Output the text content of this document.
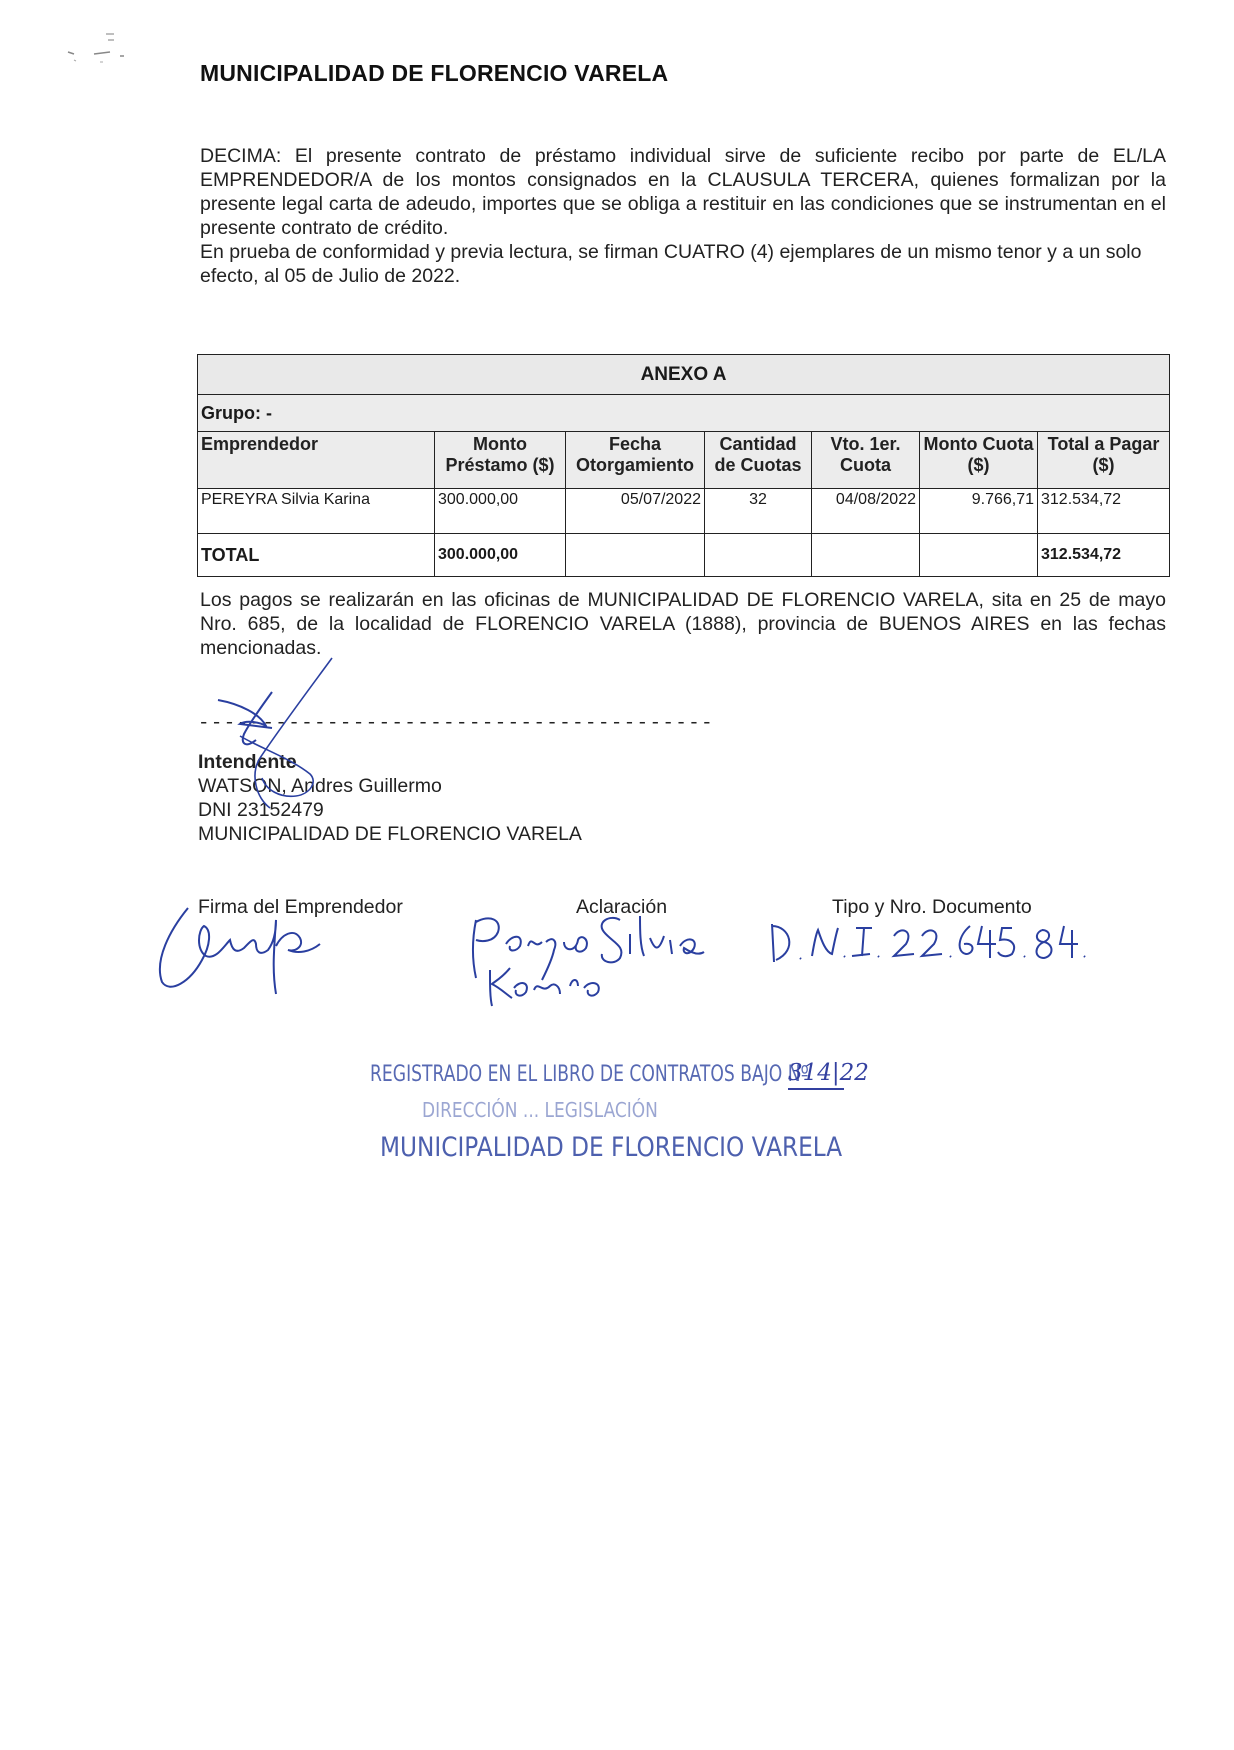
MUNICIPALIDAD DE FLORENCIO VARELA

DECIMA: El presente contrato de préstamo individual sirve de suficiente recibo por parte de EL/LA EMPRENDEDOR/A de los montos consignados en la CLAUSULA TERCERA, quienes formalizan por la presente legal carta de adeudo, importes que se obliga a restituir en las condiciones que se instrumentan en el presente contrato de crédito.

En prueba de conformidad y previa lectura, se firman CUATRO (4) ejemplares de un mismo tenor y a un solo efecto, al 05 de Julio de 2022.

ANEXO A						
Grupo: -						
Emprendedor	Monto Préstamo ($)	Fecha Otorgamiento	Cantidad de Cuotas	Vto. 1er. Cuota	Monto Cuota ($)	Total a Pagar ($)
PEREYRA Silvia Karina	300.000,00	05/07/2022	32	04/08/2022	9.766,71	312.534,72
TOTAL	300.000,00					312.534,72

Los pagos se realizarán en las oficinas de MUNICIPALIDAD DE FLORENCIO VARELA, sita en 25 de mayo Nro. 685, de la localidad de FLORENCIO VARELA (1888), provincia de BUENOS AIRES en las fechas mencionadas.

----------------------------------------
Intendente
WATSON, Andres Guillermo
DNI 23152479
MUNICIPALIDAD DE FLORENCIO VARELA
Firma del Emprendedor	Aclaración	Tipo y Nro. Documento
REGISTRADO EN EL LIBRO DE CONTRATOS BAJO Nº
314|22
DIRECCIÓN ... LEGISLACIÓN
MUNICIPALIDAD DE FLORENCIO VARELA
